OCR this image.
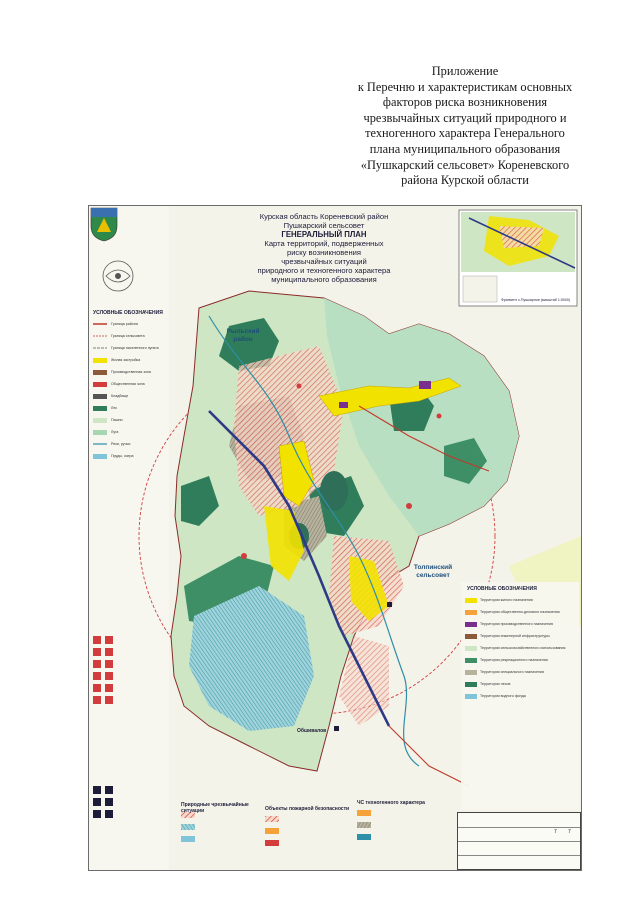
Приложение
к Перечню и характеристикам основных
факторов риска возникновения
чрезвычайных ситуаций природного и
техногенного характера Генерального
плана муниципального образования
«Пушкарский сельсовет» Кореневского
района Курской области
Курская область Кореневский район
Пушкарский сельсовет
ГЕНЕРАЛЬНЫЙ ПЛАН
Карта территорий, подверженных
риску возникновения
чрезвычайных ситуаций
природного и техногенного характера
муниципального образования
Рыльский район
Толпинский сельсовет
Обшивалов
Фрагмент с.Пушкарное (масштаб 1:5000)
УСЛОВНЫЕ ОБОЗНАЧЕНИЯ
Граница района
Граница сельсовета
Граница населенного пункта
Жилая застройка
Производственная зона
Общественная зона
Кладбище
Лес
Пашни
Луга
Реки, ручьи
Пруды, озера
УСЛОВНЫЕ ОБОЗНАЧЕНИЯ
Территории жилого назначения
Территории общественно-делового назначения
Территории производственного назначения
Территории инженерной инфраструктуры
Территории сельскохозяйственного использования
Территории рекреационного назначения
Территории специального назначения
Территории лесов
Территории водного фонда
Природные чрезвычайные ситуации	Объекты пожарной безопасности
ЧС техногенного характера
7 7
